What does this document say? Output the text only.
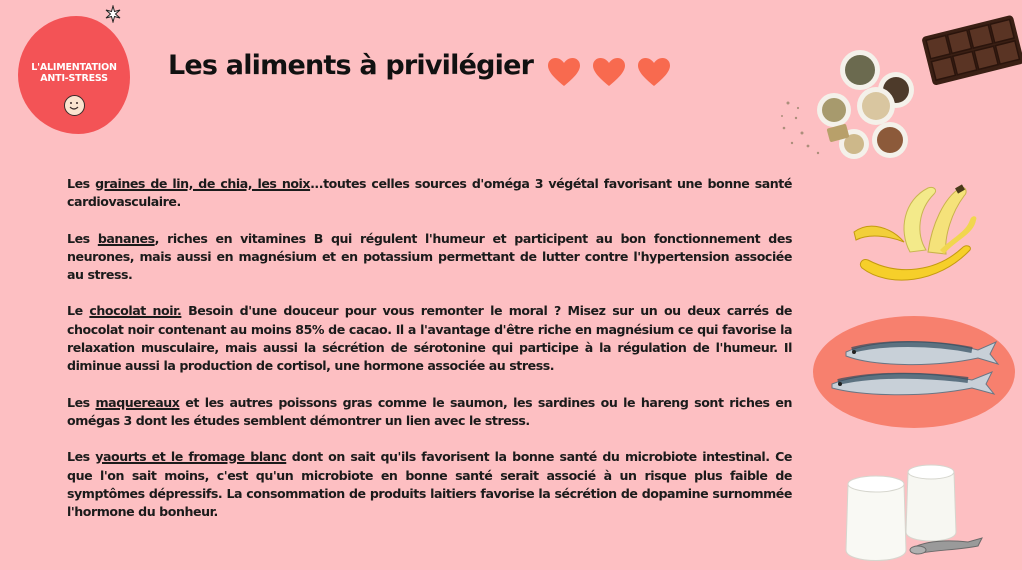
L'ALIMENTATION
ANTI-STRESS	Les aliments à privilégier

Les graines de lin, de chia, les noix...toutes celles sources d'oméga 3 végétal favorisant une bonne santé cardiovasculaire.

Les bananes, riches en vitamines B qui régulent l'humeur et participent au bon fonctionnement des neurones, mais aussi en magnésium et en potassium permettant de lutter contre l'hypertension associée au stress.

Le chocolat noir. Besoin d'une douceur pour vous remonter le moral ? Misez sur un ou deux carrés de chocolat noir contenant au moins 85% de cacao. Il a l'avantage d'être riche en magnésium ce qui favorise la relaxation musculaire, mais aussi la sécrétion de sérotonine qui participe à la régulation de l'humeur. Il diminue aussi la production de cortisol, une hormone associée au stress.

Les maquereaux et les autres poissons gras comme le saumon, les sardines ou le hareng sont riches en omégas 3 dont les études semblent démontrer un lien avec le stress.

Les yaourts et le fromage blanc dont on sait qu'ils favorisent la bonne santé du microbiote intestinal. Ce que l'on sait moins, c'est qu'un microbiote en bonne santé serait associé à un risque plus faible de symptômes dépressifs. La consommation de produits laitiers favorise la sécrétion de dopamine surnommée l'hormone du bonheur.
